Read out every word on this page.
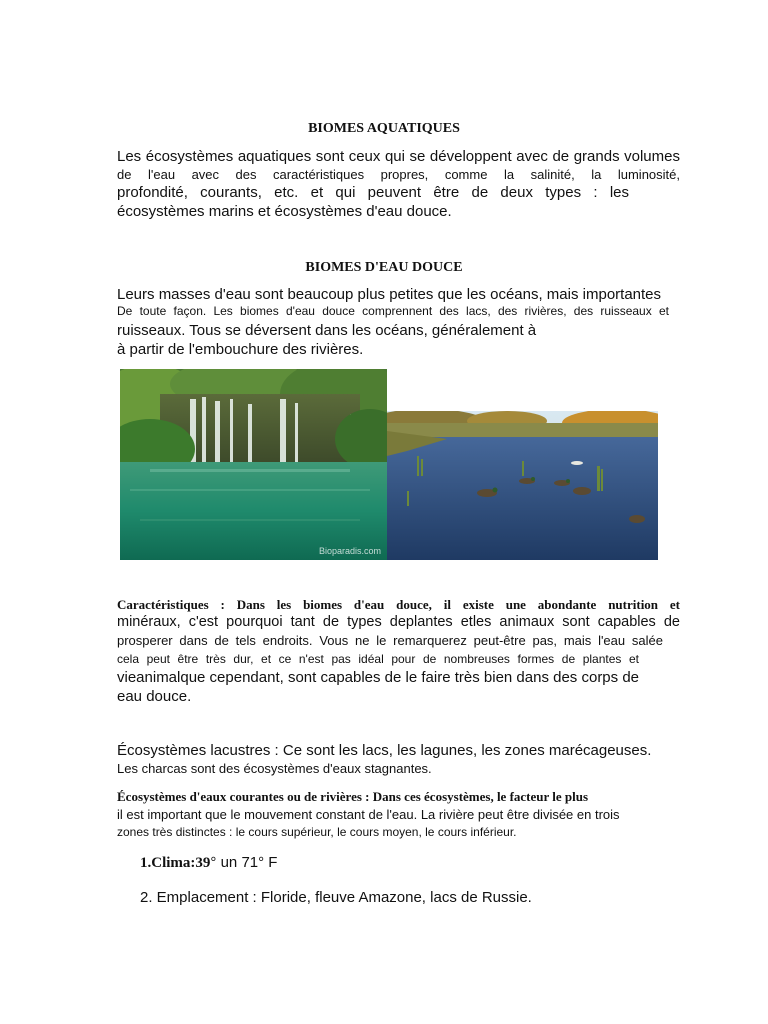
BIOMES AQUATIQUES
Les écosystèmes aquatiques sont ceux qui se développent avec de grands volumes
de l'eau avec des caractéristiques propres, comme la salinité, la luminosité,
profondité, courants, etc. et qui peuvent être de deux types : les
écosystèmes marins et écosystèmes d'eau douce.
BIOMES D'EAU DOUCE
Leurs masses d'eau sont beaucoup plus petites que les océans, mais importantes
De toute façon. Les biomes d'eau douce comprennent des lacs, des rivières, des ruisseaux et
ruisseaux. Tous se déversent dans les océans, généralement à
à partir de l'embouchure des rivières.
Bioparadis.com
Caractéristiques : Dans les biomes d'eau douce, il existe une abondante nutrition et
minéraux, c'est pourquoi tant de types deplantes etles animaux sont capables de
prosperer dans de tels endroits. Vous ne le remarquerez peut-être pas, mais l'eau salée
cela peut être très dur, et ce n'est pas idéal pour de nombreuses formes de plantes et
vieanimalque cependant, sont capables de le faire très bien dans des corps de
eau douce.
Écosystèmes lacustres : Ce sont les lacs, les lagunes, les zones marécageuses.
Les charcas sont des écosystèmes d'eaux stagnantes.
Écosystèmes d'eaux courantes ou de rivières : Dans ces écosystèmes, le facteur le plus
il est important que le mouvement constant de l'eau. La rivière peut être divisée en trois
zones très distinctes : le cours supérieur, le cours moyen, le cours inférieur.
1.Clima:39° un 71° F
2. Emplacement : Floride, fleuve Amazone, lacs de Russie.
